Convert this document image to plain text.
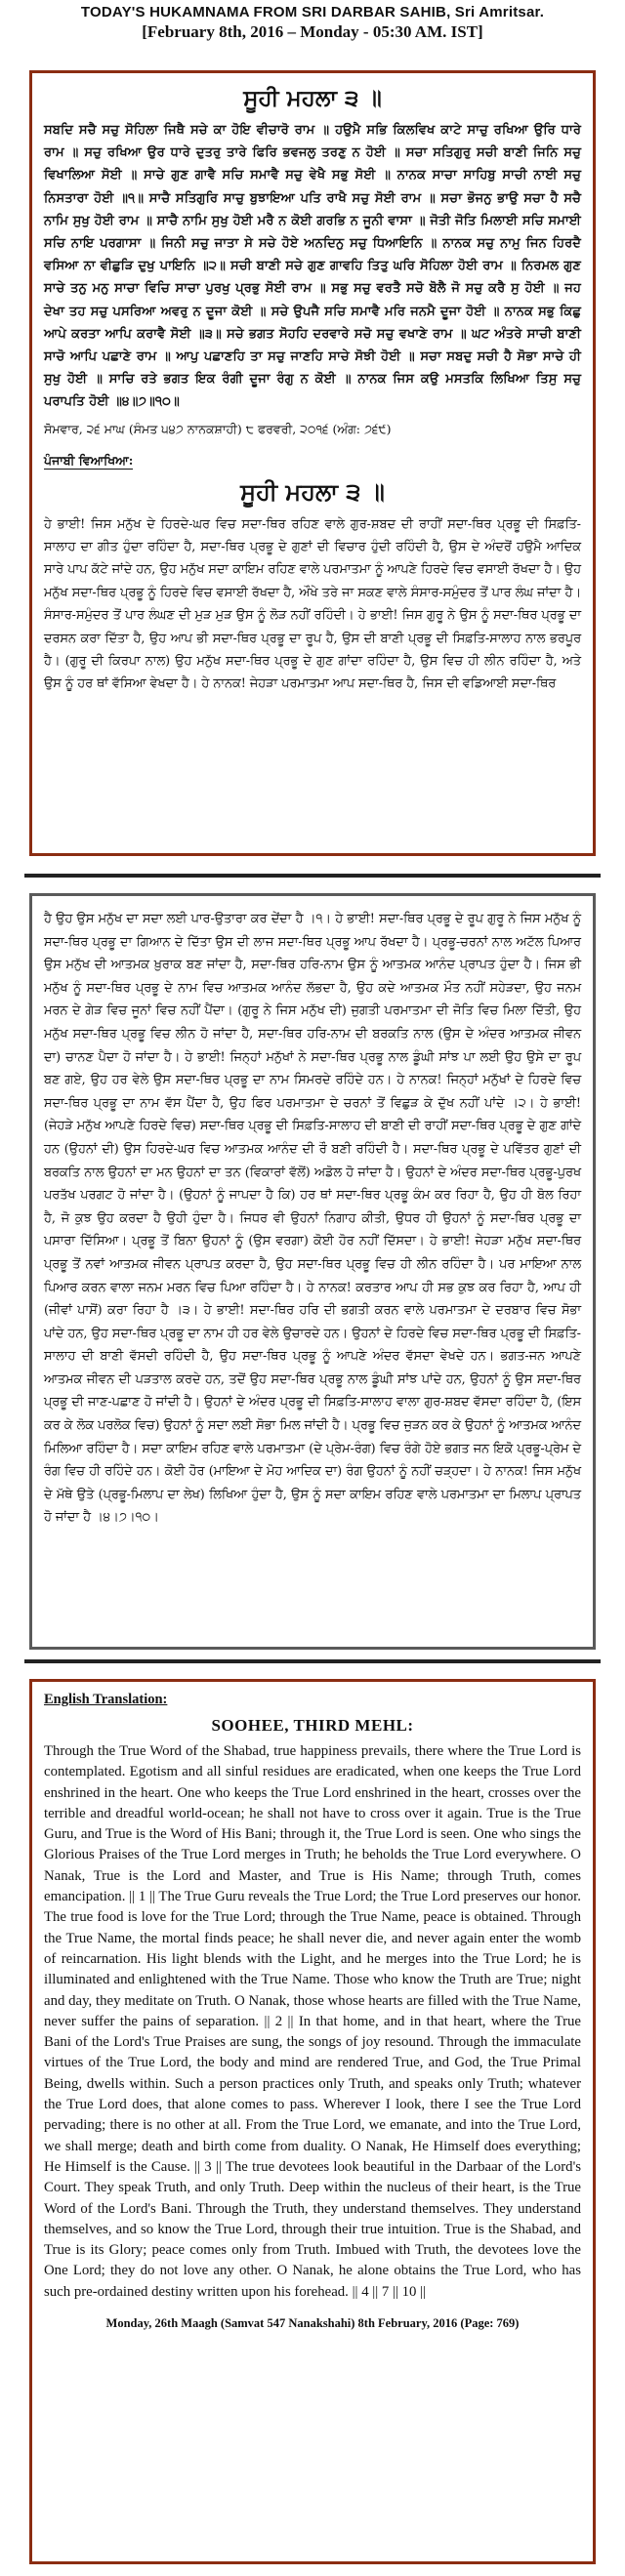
TODAY'S HUKAMNAMA FROM SRI DARBAR SAHIB, Sri Amritsar.
[February 8th, 2016 – Monday - 05:30 AM. IST]
ਸੂਹੀ ਮਹਲਾ ੩ ॥
ਸਬਦਿ ਸਚੈ ਸਚੁ ਸੋਹਿਲਾ ਜਿਥੈ ਸਚੇ ਕਾ ਹੋਇ ਵੀਚਾਰੋ ਰਾਮ ॥ ਹਉਮੈ ਸਭਿ ਕਿਲਵਿਖ ਕਾਟੇ ਸਾਚੁ ਰਖਿਆ ਉਰਿ ਧਾਰੇ ਰਾਮ ॥ ਸਚੁ ਰਖਿਆ ਉਰ ਧਾਰੇ ਦੁਤਰੁ ਤਾਰੇ ਫਿਰਿ ਭਵਜਲੁ ਤਰਣੁ ਨ ਹੋਈ ॥ ਸਚਾ ਸਤਿਗੁਰੁ ਸਚੀ ਬਾਣੀ ਜਿਨਿ ਸਚੁ ਵਿਖਾਲਿਆ ਸੋਈ ॥ ਸਾਚੇ ਗੁਣ ਗਾਵੈ ਸਚਿ ਸਮਾਵੈ ਸਚੁ ਵੇਖੈ ਸਭੁ ਸੋਈ ॥ ਨਾਨਕ ਸਾਚਾ ਸਾਹਿਬੁ ਸਾਚੀ ਨਾਈ ਸਚੁ ਨਿਸਤਾਰਾ ਹੋਈ ॥੧॥ ਸਾਚੈ ਸਤਿਗੁਰਿ ਸਾਚੁ ਬੁਝਾਇਆ ਪਤਿ ਰਾਖੈ ਸਚੁ ਸੋਈ ਰਾਮ ॥ ਸਚਾ ਭੋਜਨੁ ਭਾਉ ਸਚਾ ਹੈ ਸਚੈ ਨਾਮਿ ਸੁਖੁ ਹੋਈ ਰਾਮ ॥ ਸਾਚੈ ਨਾਮਿ ਸੁਖੁ ਹੋਈ ਮਰੈ ਨ ਕੋਈ ਗਰਭਿ ਨ ਜੂਨੀ ਵਾਸਾ ॥ ਜੋਤੀ ਜੋਤਿ ਮਿਲਾਈ ਸਚਿ ਸਮਾਈ ਸਚਿ ਨਾਇ ਪਰਗਾਸਾ ॥ ਜਿਨੀ ਸਚੁ ਜਾਤਾ ਸੇ ਸਚੇ ਹੋਏ ਅਨਦਿਨੁ ਸਚੁ ਧਿਆਇਨਿ ॥ ਨਾਨਕ ਸਚੁ ਨਾਮੁ ਜਿਨ ਹਿਰਦੈ ਵਸਿਆ ਨਾ ਵੀਛੁੜਿ ਦੁਖੁ ਪਾਇਨਿ ॥੨॥ ਸਚੀ ਬਾਣੀ ਸਚੇ ਗੁਣ ਗਾਵਹਿ ਤਿਤੁ ਘਰਿ ਸੋਹਿਲਾ ਹੋਈ ਰਾਮ ॥ ਨਿਰਮਲ ਗੁਣ ਸਾਚੇ ਤਨੁ ਮਨੁ ਸਾਚਾ ਵਿਚਿ ਸਾਚਾ ਪੁਰਖੁ ਪ੍ਰਭੁ ਸੋਈ ਰਾਮ ॥ ਸਭੁ ਸਚੁ ਵਰਤੈ ਸਚੋ ਬੋਲੈ ਜੋ ਸਚੁ ਕਰੈ ਸੁ ਹੋਈ ॥ ਜਹ ਦੇਖਾ ਤਹ ਸਚੁ ਪਸਰਿਆ ਅਵਰੁ ਨ ਦੂਜਾ ਕੋਈ ॥ ਸਚੇ ਉਪਜੈ ਸਚਿ ਸਮਾਵੈ ਮਰਿ ਜਨਮੈ ਦੂਜਾ ਹੋਈ ॥ ਨਾਨਕ ਸਭੁ ਕਿਛੁ ਆਪੇ ਕਰਤਾ ਆਪਿ ਕਰਾਵੈ ਸੋਈ ॥੩॥ ਸਚੇ ਭਗਤ ਸੋਹਹਿ ਦਰਵਾਰੇ ਸਚੋ ਸਚੁ ਵਖਾਣੇ ਰਾਮ ॥ ਘਟ ਅੰਤਰੇ ਸਾਚੀ ਬਾਣੀ ਸਾਚੋ ਆਪਿ ਪਛਾਣੇ ਰਾਮ ॥ ਆਪੁ ਪਛਾਣਹਿ ਤਾ ਸਚੁ ਜਾਣਹਿ ਸਾਚੇ ਸੋਝੀ ਹੋਈ ॥ ਸਚਾ ਸਬਦੁ ਸਚੀ ਹੈ ਸੋਭਾ ਸਾਚੇ ਹੀ ਸੁਖੁ ਹੋਈ ॥ ਸਾਚਿ ਰਤੇ ਭਗਤ ਇਕ ਰੰਗੀ ਦੂਜਾ ਰੰਗੁ ਨ ਕੋਈ ॥ ਨਾਨਕ ਜਿਸ ਕਉ ਮਸਤਕਿ ਲਿਖਿਆ ਤਿਸੁ ਸਚੁ ਪਰਾਪਤਿ ਹੋਈ ॥੪॥੭॥੧੦॥
ਸੋਮਵਾਰ, ੨੬ ਮਾਘ (ਸੰਮਤ ੫੪੭ ਨਾਨਕਸ਼ਾਹੀ) ੮ ਫਰਵਰੀ, ੨੦੧੬ (ਅੰਗ: ੭੬੯)
ਪੰਜਾਬੀ ਵਿਆਖਿਆ:
ਸੂਹੀ ਮਹਲਾ ੩ ॥
ਹੇ ਭਾਈ! ਜਿਸ ਮਨੁੱਖ ਦੇ ਹਿਰਦੇ-ਘਰ ਵਿਚ ਸਦਾ-ਥਿਰ ਰਹਿਣ ਵਾਲੇ ਗੁਰ-ਸ਼ਬਦ ਦੀ ਰਾਹੀਂ ਸਦਾ-ਥਿਰ ਪ੍ਰਭੂ ਦੀ ਸਿਫ਼ਤਿ-ਸਾਲਾਹ ਦਾ ਗੀਤ ਹੁੰਦਾ ਰਹਿੰਦਾ ਹੈ, ਸਦਾ-ਥਿਰ ਪ੍ਰਭੂ ਦੇ ਗੁਣਾਂ ਦੀ ਵਿਚਾਰ ਹੁੰਦੀ ਰਹਿੰਦੀ ਹੈ, ਉਸ ਦੇ ਅੰਦਰੋਂ ਹਉਮੈ ਆਦਿਕ ਸਾਰੇ ਪਾਪ ਕੱਟੇ ਜਾਂਦੇ ਹਨ, ਉਹ ਮਨੁੱਖ ਸਦਾ ਕਾਇਮ ਰਹਿਣ ਵਾਲੇ ਪਰਮਾਤਮਾ ਨੂੰ ਆਪਣੇ ਹਿਰਦੇ ਵਿਚ ਵਸਾਈ ਰੱਖਦਾ ਹੈ। ਉਹ ਮਨੁੱਖ ਸਦਾ-ਥਿਰ ਪ੍ਰਭੂ ਨੂੰ ਹਿਰਦੇ ਵਿਚ ਵਸਾਈ ਰੱਖਦਾ ਹੈ, ਔਖੇ ਤਰੇ ਜਾ ਸਕਣ ਵਾਲੇ ਸੰਸਾਰ-ਸਮੁੰਦਰ ਤੋਂ ਪਾਰ ਲੰਘ ਜਾਂਦਾ ਹੈ। ਸੰਸਾਰ-ਸਮੁੰਦਰ ਤੋਂ ਪਾਰ ਲੰਘਣ ਦੀ ਮੁੜ ਮੁੜ ਉਸ ਨੂੰ ਲੋੜ ਨਹੀਂ ਰਹਿੰਦੀ। ਹੇ ਭਾਈ! ਜਿਸ ਗੁਰੂ ਨੇ ਉਸ ਨੂੰ ਸਦਾ-ਥਿਰ ਪ੍ਰਭੂ ਦਾ ਦਰਸਨ ਕਰਾ ਦਿੱਤਾ ਹੈ, ਉਹ ਆਪ ਭੀ ਸਦਾ-ਥਿਰ ਪ੍ਰਭੂ ਦਾ ਰੂਪ ਹੈ, ਉਸ ਦੀ ਬਾਣੀ ਪ੍ਰਭੂ ਦੀ ਸਿਫ਼ਤਿ-ਸਾਲਾਹ ਨਾਲ ਭਰਪੂਰ ਹੈ। (ਗੁਰੂ ਦੀ ਕਿਰਪਾ ਨਾਲ) ਉਹ ਮਨੁੱਖ ਸਦਾ-ਥਿਰ ਪ੍ਰਭੂ ਦੇ ਗੁਣ ਗਾਂਦਾ ਰਹਿੰਦਾ ਹੈ, ਉਸ ਵਿਚ ਹੀ ਲੀਨ ਰਹਿੰਦਾ ਹੈ, ਅਤੇ ਉਸ ਨੂੰ ਹਰ ਥਾਂ ਵੱਸਿਆ ਵੇਖਦਾ ਹੈ। ਹੇ ਨਾਨਕ! ਜੇਹੜਾ ਪਰਮਾਤਮਾ ਆਪ ਸਦਾ-ਥਿਰ ਹੈ, ਜਿਸ ਦੀ ਵਡਿਆਈ ਸਦਾ-ਥਿਰ
ਹੈ ਉਹ ਉਸ ਮਨੁੱਖ ਦਾ ਸਦਾ ਲਈ ਪਾਰ-ਉਤਾਰਾ ਕਰ ਦੇਂਦਾ ਹੈ ।੧। ਹੇ ਭਾਈ! ਸਦਾ-ਥਿਰ ਪ੍ਰਭੂ ਦੇ ਰੂਪ ਗੁਰੂ ਨੇ ਜਿਸ ਮਨੁੱਖ ਨੂੰ ਸਦਾ-ਥਿਰ ਪ੍ਰਭੂ ਦਾ ਗਿਆਨ ਦੇ ਦਿੱਤਾ ਉਸ ਦੀ ਲਾਜ ਸਦਾ-ਥਿਰ ਪ੍ਰਭੂ ਆਪ ਰੱਖਦਾ ਹੈ। ਪ੍ਰਭੂ-ਚਰਨਾਂ ਨਾਲ ਅਟੱਲ ਪਿਆਰ ਉਸ ਮਨੁੱਖ ਦੀ ਆਤਮਕ ਖ਼ੁਰਾਕ ਬਣ ਜਾਂਦਾ ਹੈ, ਸਦਾ-ਥਿਰ ਹਰਿ-ਨਾਮ ਉਸ ਨੂੰ ਆਤਮਕ ਆਨੰਦ ਪ੍ਰਾਪਤ ਹੁੰਦਾ ਹੈ। ਜਿਸ ਭੀ ਮਨੁੱਖ ਨੂੰ ਸਦਾ-ਥਿਰ ਪ੍ਰਭੂ ਦੇ ਨਾਮ ਵਿਚ ਆਤਮਕ ਆਨੰਦ ਲੱਭਦਾ ਹੈ, ਉਹ ਕਦੇ ਆਤਮਕ ਮੌਤ ਨਹੀਂ ਸਹੇੜਦਾ, ਉਹ ਜਨਮ ਮਰਨ ਦੇ ਗੇੜ ਵਿਚ ਜੂਨਾਂ ਵਿਚ ਨਹੀਂ ਪੈਂਦਾ। (ਗੁਰੂ ਨੇ ਜਿਸ ਮਨੁੱਖ ਦੀ) ਜੁਗਤੀ ਪਰਮਾਤਮਾ ਦੀ ਜੋਤਿ ਵਿਚ ਮਿਲਾ ਦਿੱਤੀ, ਉਹ ਮਨੁੱਖ ਸਦਾ-ਥਿਰ ਪ੍ਰਭੂ ਵਿਚ ਲੀਨ ਹੋ ਜਾਂਦਾ ਹੈ, ਸਦਾ-ਥਿਰ ਹਰਿ-ਨਾਮ ਦੀ ਬਰਕਤਿ ਨਾਲ (ਉਸ ਦੇ ਅੰਦਰ ਆਤਮਕ ਜੀਵਨ ਦਾ) ਚਾਨਣ ਪੈਦਾ ਹੋ ਜਾਂਦਾ ਹੈ। ਹੇ ਭਾਈ! ਜਿਨ੍ਹਾਂ ਮਨੁੱਖਾਂ ਨੇ ਸਦਾ-ਥਿਰ ਪ੍ਰਭੂ ਨਾਲ ਡੂੰਘੀ ਸਾਂਝ ਪਾ ਲਈ ਉਹ ਉਸੇ ਦਾ ਰੂਪ ਬਣ ਗਏ, ਉਹ ਹਰ ਵੇਲੇ ਉਸ ਸਦਾ-ਥਿਰ ਪ੍ਰਭੂ ਦਾ ਨਾਮ ਸਿਮਰਦੇ ਰਹਿੰਦੇ ਹਨ। ਹੇ ਨਾਨਕ! ਜਿਨ੍ਹਾਂ ਮਨੁੱਖਾਂ ਦੇ ਹਿਰਦੇ ਵਿਚ ਸਦਾ-ਥਿਰ ਪ੍ਰਭੂ ਦਾ ਨਾਮ ਵੱਸ ਪੈਂਦਾ ਹੈ, ਉਹ ਫਿਰ ਪਰਮਾਤਮਾ ਦੇ ਚਰਨਾਂ ਤੋਂ ਵਿਛੁੜ ਕੇ ਦੁੱਖ ਨਹੀਂ ਪਾਂਦੇ ।੨। ਹੇ ਭਾਈ! (ਜੇਹੜੇ ਮਨੁੱਖ ਆਪਣੇ ਹਿਰਦੇ ਵਿਚ) ਸਦਾ-ਥਿਰ ਪ੍ਰਭੂ ਦੀ ਸਿਫ਼ਤਿ-ਸਾਲਾਹ ਦੀ ਬਾਣੀ ਦੀ ਰਾਹੀਂ ਸਦਾ-ਥਿਰ ਪ੍ਰਭੂ ਦੇ ਗੁਣ ਗਾਂਦੇ ਹਨ (ਉਹਨਾਂ ਦੀ) ਉਸ ਹਿਰਦੇ-ਘਰ ਵਿਚ ਆਤਮਕ ਆਨੰਦ ਦੀ ਰੌ ਬਣੀ ਰਹਿੰਦੀ ਹੈ। ਸਦਾ-ਥਿਰ ਪ੍ਰਭੂ ਦੇ ਪਵਿੱਤਰ ਗੁਣਾਂ ਦੀ ਬਰਕਤਿ ਨਾਲ ਉਹਨਾਂ ਦਾ ਮਨ ਉਹਨਾਂ ਦਾ ਤਨ (ਵਿਕਾਰਾਂ ਵੱਲੋਂ) ਅਡੋਲ ਹੋ ਜਾਂਦਾ ਹੈ। ਉਹਨਾਂ ਦੇ ਅੰਦਰ ਸਦਾ-ਥਿਰ ਪ੍ਰਭੂ-ਪੁਰਖ ਪਰਤੱਖ ਪਰਗਟ ਹੋ ਜਾਂਦਾ ਹੈ। (ਉਹਨਾਂ ਨੂੰ ਜਾਪਦਾ ਹੈ ਕਿ) ਹਰ ਥਾਂ ਸਦਾ-ਥਿਰ ਪ੍ਰਭੂ ਕੰਮ ਕਰ ਰਿਹਾ ਹੈ, ਉਹ ਹੀ ਬੋਲ ਰਿਹਾ ਹੈ, ਜੋ ਕੁਝ ਉਹ ਕਰਦਾ ਹੈ ਉਹੀ ਹੁੰਦਾ ਹੈ। ਜਿਧਰ ਵੀ ਉਹਨਾਂ ਨਿਗਾਹ ਕੀਤੀ, ਉਧਰ ਹੀ ਉਹਨਾਂ ਨੂੰ ਸਦਾ-ਥਿਰ ਪ੍ਰਭੂ ਦਾ ਪਸਾਰਾ ਦਿੱਸਿਆ। ਪ੍ਰਭੂ ਤੋਂ ਬਿਨਾ ਉਹਨਾਂ ਨੂੰ (ਉਸ ਵਰਗਾ) ਕੋਈ ਹੋਰ ਨਹੀਂ ਦਿੱਸਦਾ। ਹੇ ਭਾਈ! ਜੇਹੜਾ ਮਨੁੱਖ ਸਦਾ-ਥਿਰ ਪ੍ਰਭੂ ਤੋਂ ਨਵਾਂ ਆਤਮਕ ਜੀਵਨ ਪ੍ਰਾਪਤ ਕਰਦਾ ਹੈ, ਉਹ ਸਦਾ-ਥਿਰ ਪ੍ਰਭੂ ਵਿਚ ਹੀ ਲੀਨ ਰਹਿੰਦਾ ਹੈ। ਪਰ ਮਾਇਆ ਨਾਲ ਪਿਆਰ ਕਰਨ ਵਾਲਾ ਜਨਮ ਮਰਨ ਵਿਚ ਪਿਆ ਰਹਿੰਦਾ ਹੈ। ਹੇ ਨਾਨਕ! ਕਰਤਾਰ ਆਪ ਹੀ ਸਭ ਕੁਝ ਕਰ ਰਿਹਾ ਹੈ, ਆਪ ਹੀ (ਜੀਵਾਂ ਪਾਸੋਂ) ਕਰਾ ਰਿਹਾ ਹੈ ।੩। ਹੇ ਭਾਈ! ਸਦਾ-ਥਿਰ ਹਰਿ ਦੀ ਭਗਤੀ ਕਰਨ ਵਾਲੇ ਪਰਮਾਤਮਾ ਦੇ ਦਰਬਾਰ ਵਿਚ ਸੋਭਾ ਪਾਂਦੇ ਹਨ, ਉਹ ਸਦਾ-ਥਿਰ ਪ੍ਰਭੂ ਦਾ ਨਾਮ ਹੀ ਹਰ ਵੇਲੇ ਉਚਾਰਦੇ ਹਨ। ਉਹਨਾਂ ਦੇ ਹਿਰਦੇ ਵਿਚ ਸਦਾ-ਥਿਰ ਪ੍ਰਭੂ ਦੀ ਸਿਫ਼ਤਿ-ਸਾਲਾਹ ਦੀ ਬਾਣੀ ਵੱਸਦੀ ਰਹਿੰਦੀ ਹੈ, ਉਹ ਸਦਾ-ਥਿਰ ਪ੍ਰਭੂ ਨੂੰ ਆਪਣੇ ਅੰਦਰ ਵੱਸਦਾ ਵੇਖਦੇ ਹਨ। ਭਗਤ-ਜਨ ਆਪਣੇ ਆਤਮਕ ਜੀਵਨ ਦੀ ਪੜਤਾਲ ਕਰਦੇ ਹਨ, ਤਦੋਂ ਉਹ ਸਦਾ-ਥਿਰ ਪ੍ਰਭੂ ਨਾਲ ਡੂੰਘੀ ਸਾਂਝ ਪਾਂਦੇ ਹਨ, ਉਹਨਾਂ ਨੂੰ ਉਸ ਸਦਾ-ਥਿਰ ਪ੍ਰਭੂ ਦੀ ਜਾਣ-ਪਛਾਣ ਹੋ ਜਾਂਦੀ ਹੈ। ਉਹਨਾਂ ਦੇ ਅੰਦਰ ਪ੍ਰਭੂ ਦੀ ਸਿਫ਼ਤਿ-ਸਾਲਾਹ ਵਾਲਾ ਗੁਰ-ਸ਼ਬਦ ਵੱਸਦਾ ਰਹਿੰਦਾ ਹੈ, (ਇਸ ਕਰ ਕੇ ਲੋਕ ਪਰਲੋਕ ਵਿਚ) ਉਹਨਾਂ ਨੂੰ ਸਦਾ ਲਈ ਸੋਭਾ ਮਿਲ ਜਾਂਦੀ ਹੈ। ਪ੍ਰਭੂ ਵਿਚ ਜੁੜਨ ਕਰ ਕੇ ਉਹਨਾਂ ਨੂੰ ਆਤਮਕ ਆਨੰਦ ਮਿਲਿਆ ਰਹਿੰਦਾ ਹੈ। ਸਦਾ ਕਾਇਮ ਰਹਿਣ ਵਾਲੇ ਪਰਮਾਤਮਾ (ਦੇ ਪ੍ਰੇਮ-ਰੰਗ) ਵਿਚ ਰੰਗੇ ਹੋਏ ਭਗਤ ਜਨ ਇਕੋ ਪ੍ਰਭੂ-ਪ੍ਰੇਮ ਦੇ ਰੰਗ ਵਿਚ ਹੀ ਰਹਿੰਦੇ ਹਨ। ਕੋਈ ਹੋਰ (ਮਾਇਆ ਦੇ ਮੋਹ ਆਦਿਕ ਦਾ) ਰੰਗ ਉਹਨਾਂ ਨੂੰ ਨਹੀਂ ਚੜ੍ਹਦਾ। ਹੇ ਨਾਨਕ! ਜਿਸ ਮਨੁੱਖ ਦੇ ਮੱਥੇ ਉਤੇ (ਪ੍ਰਭੂ-ਮਿਲਾਪ ਦਾ ਲੇਖ) ਲਿਖਿਆ ਹੁੰਦਾ ਹੈ, ਉਸ ਨੂੰ ਸਦਾ ਕਾਇਮ ਰਹਿਣ ਵਾਲੇ ਪਰਮਾਤਮਾ ਦਾ ਮਿਲਾਪ ਪ੍ਰਾਪਤ ਹੋ ਜਾਂਦਾ ਹੈ ।੪।੭।੧੦।
English Translation:
SOOHEE, THIRD MEHL:
Through the True Word of the Shabad, true happiness prevails, there where the True Lord is contemplated. Egotism and all sinful residues are eradicated, when one keeps the True Lord enshrined in the heart. One who keeps the True Lord enshrined in the heart, crosses over the terrible and dreadful world-ocean; he shall not have to cross over it again. True is the True Guru, and True is the Word of His Bani; through it, the True Lord is seen. One who sings the Glorious Praises of the True Lord merges in Truth; he beholds the True Lord everywhere. O Nanak, True is the Lord and Master, and True is His Name; through Truth, comes emancipation. || 1 || The True Guru reveals the True Lord; the True Lord preserves our honor. The true food is love for the True Lord; through the True Name, peace is obtained. Through the True Name, the mortal finds peace; he shall never die, and never again enter the womb of reincarnation. His light blends with the Light, and he merges into the True Lord; he is illuminated and enlightened with the True Name. Those who know the Truth are True; night and day, they meditate on Truth. O Nanak, those whose hearts are filled with the True Name, never suffer the pains of separation. || 2 || In that home, and in that heart, where the True Bani of the Lord's True Praises are sung, the songs of joy resound. Through the immaculate virtues of the True Lord, the body and mind are rendered True, and God, the True Primal Being, dwells within. Such a person practices only Truth, and speaks only Truth; whatever the True Lord does, that alone comes to pass. Wherever I look, there I see the True Lord pervading; there is no other at all. From the True Lord, we emanate, and into the True Lord, we shall merge; death and birth come from duality. O Nanak, He Himself does everything; He Himself is the Cause. || 3 || The true devotees look beautiful in the Darbaar of the Lord's Court. They speak Truth, and only Truth. Deep within the nucleus of their heart, is the True Word of the Lord's Bani. Through the Truth, they understand themselves. They understand themselves, and so know the True Lord, through their true intuition. True is the Shabad, and True is its Glory; peace comes only from Truth. Imbued with Truth, the devotees love the One Lord; they do not love any other. O Nanak, he alone obtains the True Lord, who has such pre-ordained destiny written upon his forehead. || 4 || 7 || 10 ||
Monday, 26th Maagh (Samvat 547 Nanakshahi) 8th February, 2016 (Page: 769)
